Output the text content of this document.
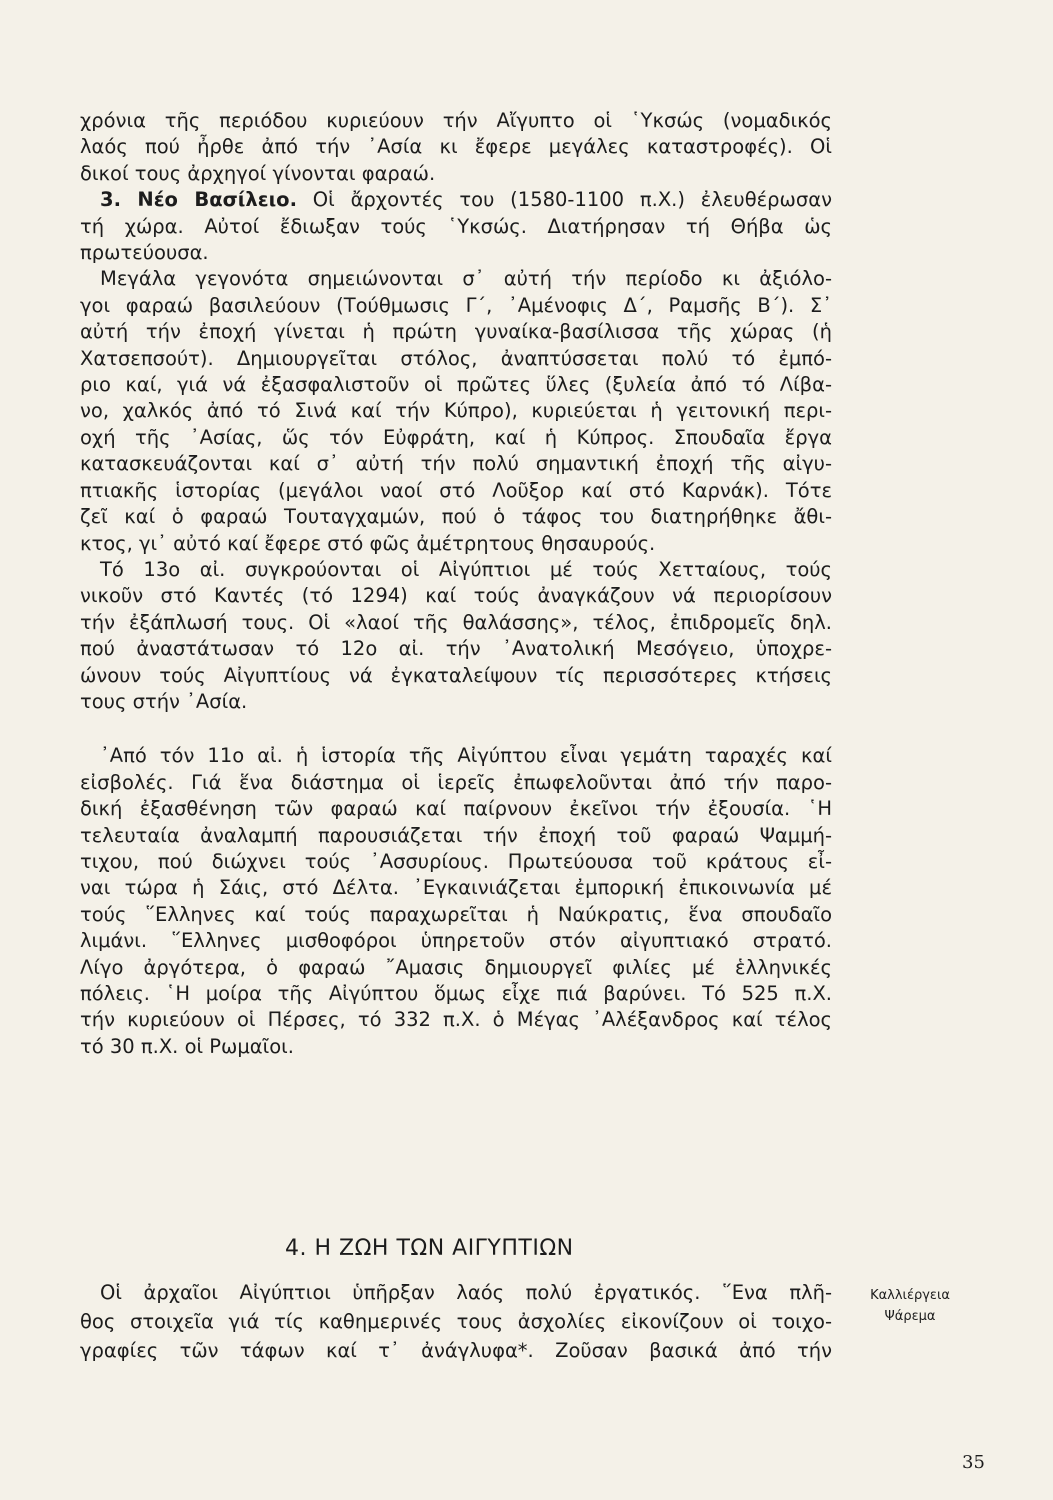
χρόνια τῆς περιόδου κυριεύουν τήν Αἴγυπτο οἱ ῾Υκσώς (νομαδικός
λαός πού ἦρθε ἀπό τήν ᾿Ασία κι ἔφερε μεγάλες καταστροφές). Οἱ
δικοί τους ἀρχηγοί γίνονται φαραώ.

3. Νέο Βασίλειο. Οἱ ἄρχοντές του (1580-1100 π.Χ.) ἐλευθέρωσαν
τή χώρα. Αὐτοί ἔδιωξαν τούς ῾Υκσώς. Διατήρησαν τή Θήβα ὡς
πρωτεύουσα.

Μεγάλα γεγονότα σημειώνονται σ᾿ αὐτή τήν περίοδο κι ἀξιόλο-
γοι φαραώ βασιλεύουν (Τούθμωσις Γ΄, ᾿Αμένοφις Δ΄, Ραμσῆς Β΄). Σ᾿
αὐτή τήν ἐποχή γίνεται ἡ πρώτη γυναίκα-βασίλισσα τῆς χώρας (ἡ
Χατσεπσούτ). Δημιουργεῖται στόλος, ἀναπτύσσεται πολύ τό ἐμπό-
ριο καί, γιά νά ἐξασφαλιστοῦν οἱ πρῶτες ὕλες (ξυλεία ἀπό τό Λίβα-
νο, χαλκός ἀπό τό Σινά καί τήν Κύπρο), κυριεύεται ἡ γειτονική περι-
οχή τῆς ᾿Ασίας, ὥς τόν Εὐφράτη, καί ἡ Κύπρος. Σπουδαῖα ἔργα
κατασκευάζονται καί σ᾿ αὐτή τήν πολύ σημαντική ἐποχή τῆς αἰγυ-
πτιακῆς ἱστορίας (μεγάλοι ναοί στό Λοῦξορ καί στό Καρνάκ). Τότε
ζεῖ καί ὁ φαραώ Τουταγχαμών, πού ὁ τάφος του διατηρήθηκε ἄθι-
κτος, γι᾿ αὐτό καί ἔφερε στό φῶς ἀμέτρητους θησαυρούς.

Τό 13ο αἰ. συγκρούονται οἱ Αἰγύπτιοι μέ τούς Χετταίους, τούς
νικοῦν στό Καντές (τό 1294) καί τούς ἀναγκάζουν νά περιορίσουν
τήν ἐξάπλωσή τους. Οἱ «λαοί τῆς θαλάσσης», τέλος, ἐπιδρομεῖς δηλ.
πού ἀναστάτωσαν τό 12ο αἰ. τήν ᾿Ανατολική Μεσόγειο, ὑποχρε-
ώνουν τούς Αἰγυπτίους νά ἐγκαταλείψουν τίς περισσότερες κτήσεις
τους στήν ᾿Ασία.

᾿Από τόν 11ο αἰ. ἡ ἱστορία τῆς Αἰγύπτου εἶναι γεμάτη ταραχές καί
εἰσβολές. Γιά ἕνα διάστημα οἱ ἱερεῖς ἐπωφελοῦνται ἀπό τήν παρο-
δική ἐξασθένηση τῶν φαραώ καί παίρνουν ἐκεῖνοι τήν ἐξουσία. ῾Η
τελευταία ἀναλαμπή παρουσιάζεται τήν ἐποχή τοῦ φαραώ Ψαμμή-
τιχου, πού διώχνει τούς ᾿Ασσυρίους. Πρωτεύουσα τοῦ κράτους εἶ-
ναι τώρα ἡ Σάις, στό Δέλτα. ᾿Εγκαινιάζεται ἐμπορική ἐπικοινωνία μέ
τούς ῞Ελληνες καί τούς παραχωρεῖται ἡ Ναύκρατις, ἕνα σπουδαῖο
λιμάνι. ῞Ελληνες μισθοφόροι ὑπηρετοῦν στόν αἰγυπτιακό στρατό.
Λίγο ἀργότερα, ὁ φαραώ ῎Αμασις δημιουργεῖ φιλίες μέ ἑλληνικές
πόλεις. ῾Η μοίρα τῆς Αἰγύπτου ὅμως εἶχε πιά βαρύνει. Τό 525 π.Χ.
τήν κυριεύουν οἱ Πέρσες, τό 332 π.Χ. ὁ Μέγας ᾿Αλέξανδρος καί τέλος
τό 30 π.Χ. οἱ Ρωμαῖοι.

4. Η ΖΩΗ ΤΩΝ ΑΙΓΥΠΤΙΩΝ
Οἱ ἀρχαῖοι Αἰγύπτιοι ὑπῆρξαν λαός πολύ ἐργατικός. ῞Ενα πλῆ-
θος στοιχεῖα γιά τίς καθημερινές τους ἀσχολίες εἰκονίζουν οἱ τοιχο-
γραφίες τῶν τάφων καί τ᾿ ἀνάγλυφα*. Ζοῦσαν βασικά ἀπό τήν
Καλλιέργεια
Ψάρεμα
35
